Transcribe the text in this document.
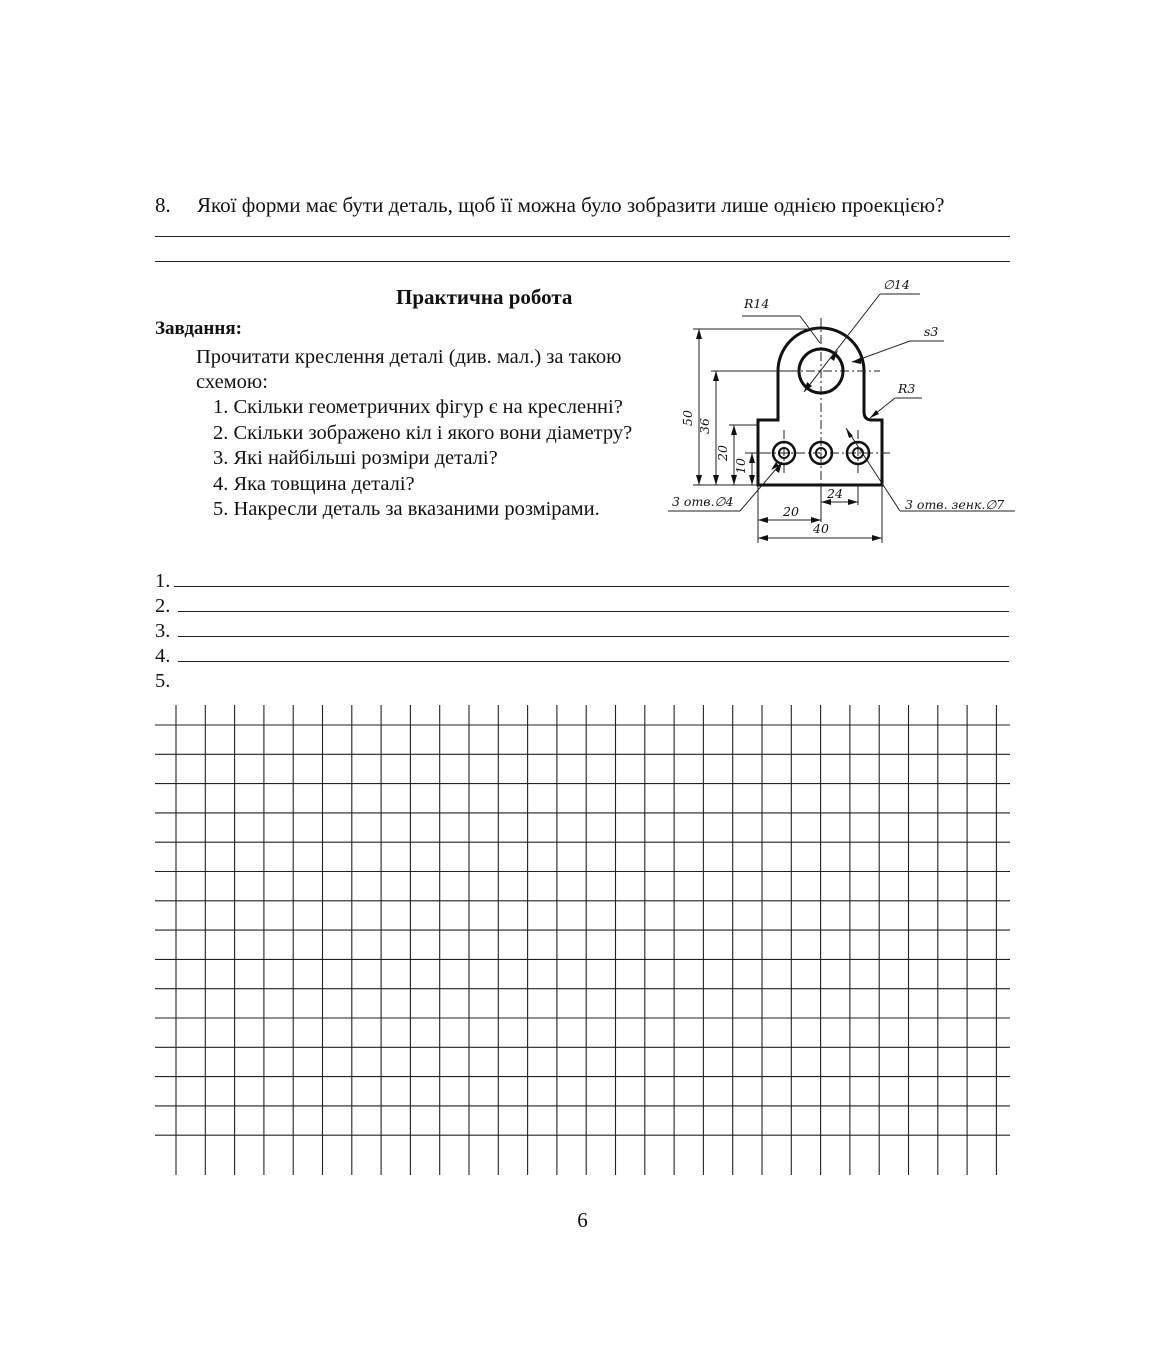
8. Якої форми має бути деталь, щоб її можна було зобразити лише однією проекцією?
Практична робота
Завдання:
Прочитати креслення деталі (див. мал.) за такою схемою:
1. Скільки геометричних фігур є на кресленні?
2. Скільки зображено кіл і якого вони діаметру?
3. Які найбільші розміри деталі?
4. Яка товщина деталі?
5. Накресли деталь за вказаними розмірами.
∅14
R14
s3
R3
50
36
20
10
3 отв.∅4	3 отв. зенк.∅7
24
20
40
1.
2.
3.
4.
5.
6
